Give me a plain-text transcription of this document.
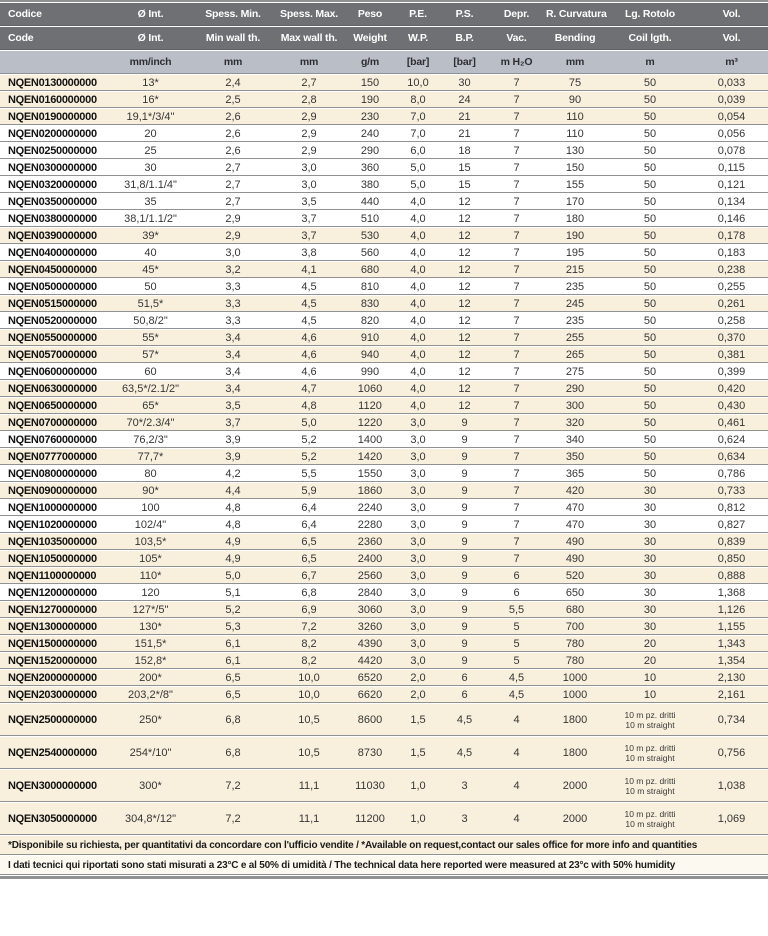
Codice	Ø Int.	Spess. Min.	Spess. Max.	Peso	P.E.	P.S.	Depr.	R. Curvatura	Lg. Rotolo	Vol.
Code	Ø Int.	Min wall th.	Max wall th.	Weight	W.P.	B.P.	Vac.	Bending	Coil lgth.	Vol.
	mm/inch	mm	mm	g/m	[bar]	[bar]	m H₂O	mm	m	m³
NQEN0130000000	13*	2,4	2,7	150	10,0	30	7	75	50	0,033
NQEN0160000000	16*	2,5	2,8	190	8,0	24	7	90	50	0,039
NQEN0190000000	19,1*/3/4"	2,6	2,9	230	7,0	21	7	110	50	0,054
NQEN0200000000	20	2,6	2,9	240	7,0	21	7	110	50	0,056
NQEN0250000000	25	2,6	2,9	290	6,0	18	7	130	50	0,078
NQEN0300000000	30	2,7	3,0	360	5,0	15	7	150	50	0,115
NQEN0320000000	31,8/1.1/4"	2,7	3,0	380	5,0	15	7	155	50	0,121
NQEN0350000000	35	2,7	3,5	440	4,0	12	7	170	50	0,134
NQEN0380000000	38,1/1.1/2"	2,9	3,7	510	4,0	12	7	180	50	0,146
NQEN0390000000	39*	2,9	3,7	530	4,0	12	7	190	50	0,178
NQEN0400000000	40	3,0	3,8	560	4,0	12	7	195	50	0,183
NQEN0450000000	45*	3,2	4,1	680	4,0	12	7	215	50	0,238
NQEN0500000000	50	3,3	4,5	810	4,0	12	7	235	50	0,255
NQEN0515000000	51,5*	3,3	4,5	830	4,0	12	7	245	50	0,261
NQEN0520000000	50,8/2"	3,3	4,5	820	4,0	12	7	235	50	0,258
NQEN0550000000	55*	3,4	4,6	910	4,0	12	7	255	50	0,370
NQEN0570000000	57*	3,4	4,6	940	4,0	12	7	265	50	0,381
NQEN0600000000	60	3,4	4,6	990	4,0	12	7	275	50	0,399
NQEN0630000000	63,5*/2.1/2"	3,4	4,7	1060	4,0	12	7	290	50	0,420
NQEN0650000000	65*	3,5	4,8	1120	4,0	12	7	300	50	0,430
NQEN0700000000	70*/2.3/4"	3,7	5,0	1220	3,0	9	7	320	50	0,461
NQEN0760000000	76,2/3"	3,9	5,2	1400	3,0	9	7	340	50	0,624
NQEN0777000000	77,7*	3,9	5,2	1420	3,0	9	7	350	50	0,634
NQEN0800000000	80	4,2	5,5	1550	3,0	9	7	365	50	0,786
NQEN0900000000	90*	4,4	5,9	1860	3,0	9	7	420	30	0,733
NQEN1000000000	100	4,8	6,4	2240	3,0	9	7	470	30	0,812
NQEN1020000000	102/4"	4,8	6,4	2280	3,0	9	7	470	30	0,827
NQEN1035000000	103,5*	4,9	6,5	2360	3,0	9	7	490	30	0,839
NQEN1050000000	105*	4,9	6,5	2400	3,0	9	7	490	30	0,850
NQEN1100000000	110*	5,0	6,7	2560	3,0	9	6	520	30	0,888
NQEN1200000000	120	5,1	6,8	2840	3,0	9	6	650	30	1,368
NQEN1270000000	127*/5"	5,2	6,9	3060	3,0	9	5,5	680	30	1,126
NQEN1300000000	130*	5,3	7,2	3260	3,0	9	5	700	30	1,155
NQEN1500000000	151,5*	6,1	8,2	4390	3,0	9	5	780	20	1,343
NQEN1520000000	152,8*	6,1	8,2	4420	3,0	9	5	780	20	1,354
NQEN2000000000	200*	6,5	10,0	6520	2,0	6	4,5	1000	10	2,130
NQEN2030000000	203,2*/8"	6,5	10,0	6620	2,0	6	4,5	1000	10	2,161
NQEN2500000000	250*	6,8	10,5	8600	1,5	4,5	4	1800	10 m pz. dritti
10 m straight	0,734
NQEN2540000000	254*/10"	6,8	10,5	8730	1,5	4,5	4	1800	10 m pz. dritti
10 m straight	0,756
NQEN3000000000	300*	7,2	11,1	11030	1,0	3	4	2000	10 m pz. dritti
10 m straight	1,038
NQEN3050000000	304,8*/12"	7,2	11,1	11200	1,0	3	4	2000	10 m pz. dritti
10 m straight	1,069
*Disponibile su richiesta, per quantitativi da concordare con l'ufficio vendite / *Available on request,contact our sales office for more info and quantities										
I dati tecnici qui riportati sono stati misurati a 23°C e al 50% di umidità / The technical data here reported were measured at 23°c with 50% humidity										
